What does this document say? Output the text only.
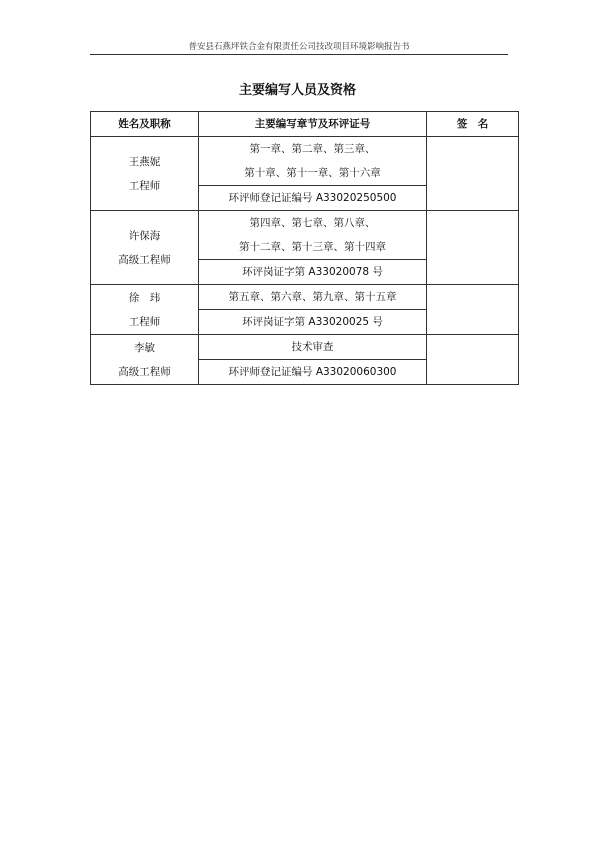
普安县石燕坪铁合金有限责任公司技改项目环境影响报告书
主要编写人员及资格
姓名及职称	主要编写章节及环评证号	签　名

王燕妮
工程师	第一章、第二章、第三章、
第十章、第十一章、第十六章	

	环评师登记证编号 A33020250500	

许保海
高级工程师	第四章、第七章、第八章、
第十二章、第十三章、第十四章	

	环评岗证字第 A33020078 号	

徐　玮
工程师	第五章、第六章、第九章、第十五章	
	环评岗证字第 A33020025 号	

李敏
高级工程师	技术审查	
	环评师登记证编号 A33020060300	
